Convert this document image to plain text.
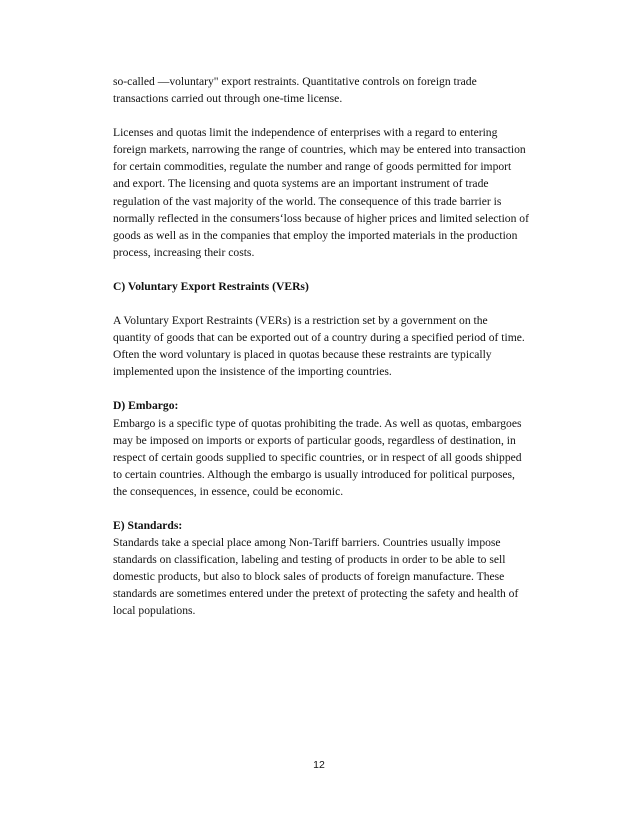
so-called —voluntary" export restraints. Quantitative controls on foreign trade
transactions carried out through one-time license.

Licenses and quotas limit the independence of enterprises with a regard to entering
foreign markets, narrowing the range of countries, which may be entered into transaction
for certain commodities, regulate the number and range of goods permitted for import
and export. The licensing and quota systems are an important instrument of trade
regulation of the vast majority of the world. The consequence of this trade barrier is
normally reflected in the consumers‘loss because of higher prices and limited selection of
goods as well as in the companies that employ the imported materials in the production
process, increasing their costs.

C) Voluntary Export Restraints (VERs)

A Voluntary Export Restraints (VERs) is a restriction set by a government on the
quantity of goods that can be exported out of a country during a specified period of time.
Often the word voluntary is placed in quotas because these restraints are typically
implemented upon the insistence of the importing countries.

D) Embargo:

Embargo is a specific type of quotas prohibiting the trade. As well as quotas, embargoes
may be imposed on imports or exports of particular goods, regardless of destination, in
respect of certain goods supplied to specific countries, or in respect of all goods shipped
to certain countries. Although the embargo is usually introduced for political purposes,
the consequences, in essence, could be economic.

E) Standards:

Standards take a special place among Non-Tariff barriers. Countries usually impose
standards on classification, labeling and testing of products in order to be able to sell
domestic products, but also to block sales of products of foreign manufacture. These
standards are sometimes entered under the pretext of protecting the safety and health of
local populations.

12
